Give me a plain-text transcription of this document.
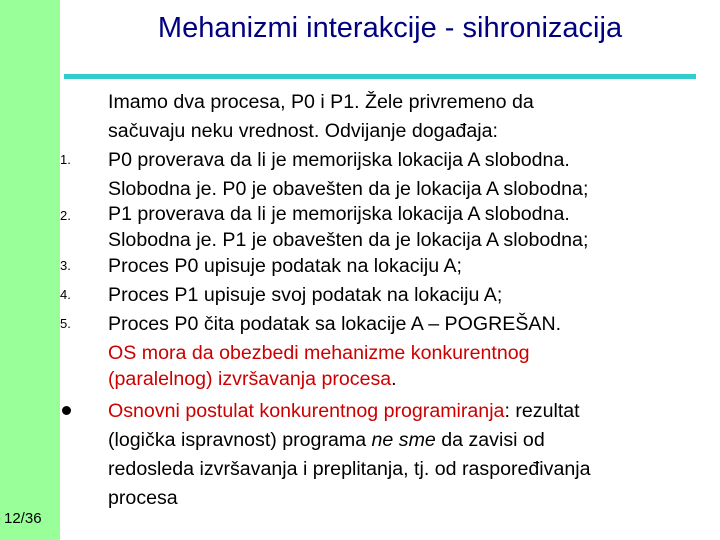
12/36
Mehanizmi interakcije - sihronizacija
1.
2.
3.
4.
5.
Imamo dva procesa, P0 i P1. Žele privremeno da
sačuvaju neku vrednost. Odvijanje događaja:
P0 proverava da li je memorijska lokacija A slobodna.
Slobodna je. P0 je obavešten da je lokacija A slobodna;
P1 proverava da li je memorijska lokacija A slobodna.
Slobodna je. P1 je obavešten da je lokacija A slobodna;
Proces P0 upisuje podatak na lokaciju A;
Proces P1 upisuje svoj podatak na lokaciju A;
Proces P0 čita podatak sa lokacije A – POGREŠAN.
OS mora da obezbedi mehanizme konkurentnog
(paralelnog) izvršavanja procesa.
Osnovni postulat konkurentnog programiranja: rezultat
(logička ispravnost) programa ne sme da zavisi od
redosleda izvršavanja i preplitanja, tj. od raspoređivanja
procesa
